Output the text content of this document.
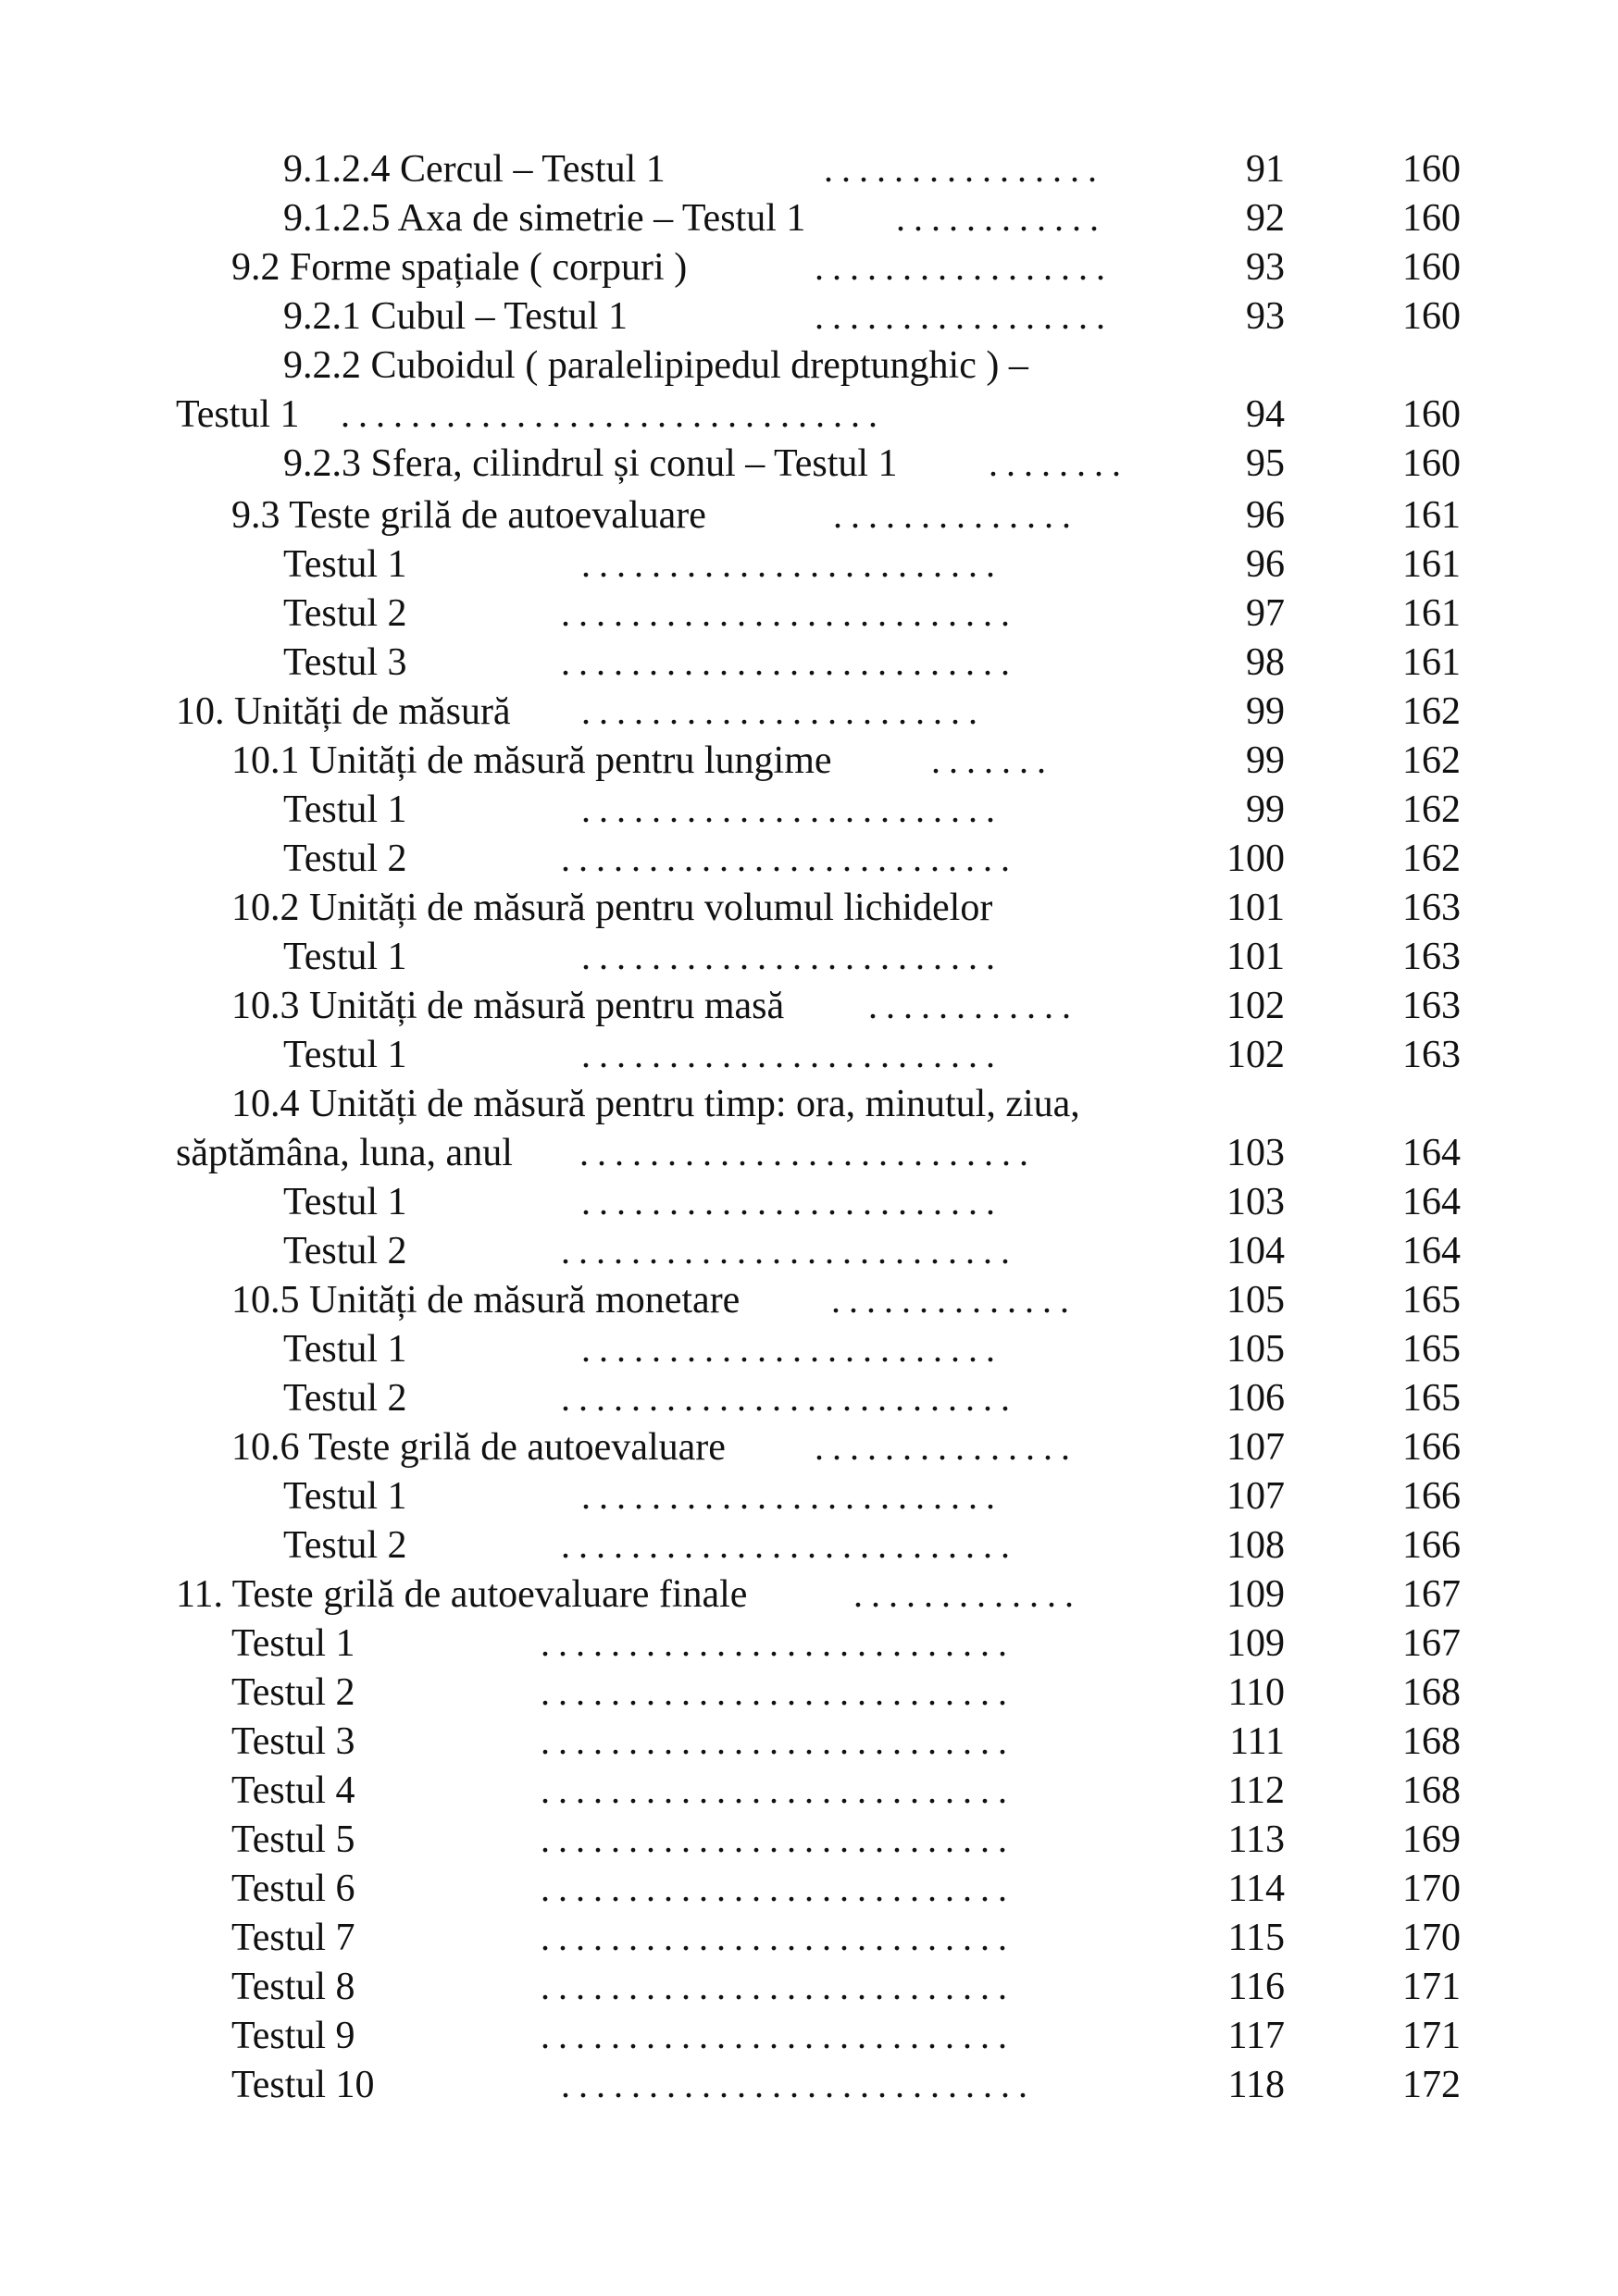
9.1.2.4 Cercul – Testul 1	................	91	160
9.1.2.5 Axa de simetrie – Testul 1 ............	92	160
9.2 Forme spațiale ( corpuri )	.................	93	160
9.2.1 Cubul – Testul 1	.................	93	160
9.2.2 Cuboidul ( paralelipipedul dreptunghic ) –
Testul 1 ...............................	94	160
9.2.3 Sfera, cilindrul și conul – Testul 1 ........	95	160
9.3 Teste grilă de autoevaluare	..............	96	161
Testul 1	........................	96	161
Testul 2	..........................	97	161
Testul 3	..........................	98	161
10. Unități de măsură .......................	99	162
10.1 Unități de măsură pentru lungime	.......	99	162
Testul 1	........................	99	162
Testul 2	..........................	100	162
10.2 Unități de măsură pentru volumul lichidelor	101	163
Testul 1	........................	101	163
10.3 Unități de măsură pentru masă ............	102	163
Testul 1	........................	102	163
10.4 Unități de măsură pentru timp: ora, minutul, ziua,
săptămâna, luna, anul ..........................	103	164
Testul 1	........................	103	164
Testul 2	..........................	104	164
10.5 Unități de măsură monetare ..............	105	165
Testul 1	........................	105	165
Testul 2	..........................	106	165
10.6 Teste grilă de autoevaluare ...............	107	166
Testul 1	........................	107	166
Testul 2	..........................	108	166
11. Teste grilă de autoevaluare finale	.............	109	167
Testul 1	...........................	109	167
Testul 2	...........................	110	168
Testul 3	...........................	111	168
Testul 4	...........................	112	168
Testul 5	...........................	113	169
Testul 6	...........................	114	170
Testul 7	...........................	115	170
Testul 8	...........................	116	171
Testul 9	...........................	117	171
Testul 10	...........................	118	172
